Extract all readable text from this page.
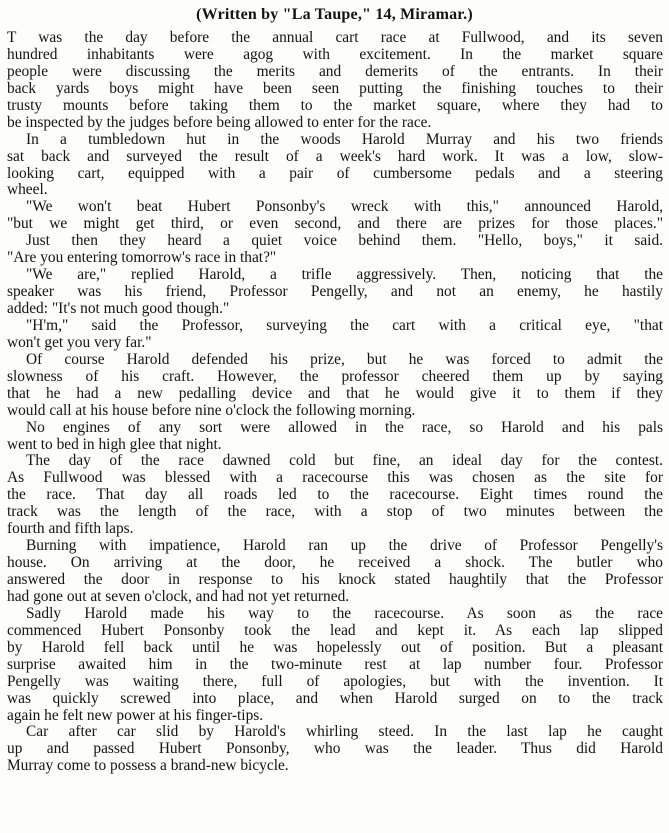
(Written by "La Taupe," 14, Miramar.)
T was the day before the annual cart race at Fullwood, and its seven
hundred inhabitants were agog with excitement. In the market square
people were discussing the merits and demerits of the entrants. In their
back yards boys might have been seen putting the finishing touches to their
trusty mounts before taking them to the market square, where they had to
be inspected by the judges before being allowed to enter for the race.
In a tumbledown hut in the woods Harold Murray and his two friends
sat back and surveyed the result of a week's hard work. It was a low, slow-
looking cart, equipped with a pair of cumbersome pedals and a steering
wheel.
"We won't beat Hubert Ponsonby's wreck with this," announced Harold,
"but we might get third, or even second, and there are prizes for those places."
Just then they heard a quiet voice behind them. "Hello, boys," it said.
"Are you entering tomorrow's race in that?"
"We are," replied Harold, a trifle aggressively. Then, noticing that the
speaker was his friend, Professor Pengelly, and not an enemy, he hastily
added: "It's not much good though."
"H'm," said the Professor, surveying the cart with a critical eye, "that
won't get you very far."
Of course Harold defended his prize, but he was forced to admit the
slowness of his craft. However, the professor cheered them up by saying
that he had a new pedalling device and that he would give it to them if they
would call at his house before nine o'clock the following morning.
No engines of any sort were allowed in the race, so Harold and his pals
went to bed in high glee that night.
The day of the race dawned cold but fine, an ideal day for the contest.
As Fullwood was blessed with a racecourse this was chosen as the site for
the race. That day all roads led to the racecourse. Eight times round the
track was the length of the race, with a stop of two minutes between the
fourth and fifth laps.
Burning with impatience, Harold ran up the drive of Professor Pengelly's
house. On arriving at the door, he received a shock. The butler who
answered the door in response to his knock stated haughtily that the Professor
had gone out at seven o'clock, and had not yet returned.
Sadly Harold made his way to the racecourse. As soon as the race
commenced Hubert Ponsonby took the lead and kept it. As each lap slipped
by Harold fell back until he was hopelessly out of position. But a pleasant
surprise awaited him in the two-minute rest at lap number four. Professor
Pengelly was waiting there, full of apologies, but with the invention. It
was quickly screwed into place, and when Harold surged on to the track
again he felt new power at his finger-tips.
Car after car slid by Harold's whirling steed. In the last lap he caught
up and passed Hubert Ponsonby, who was the leader. Thus did Harold
Murray come to possess a brand-new bicycle.
